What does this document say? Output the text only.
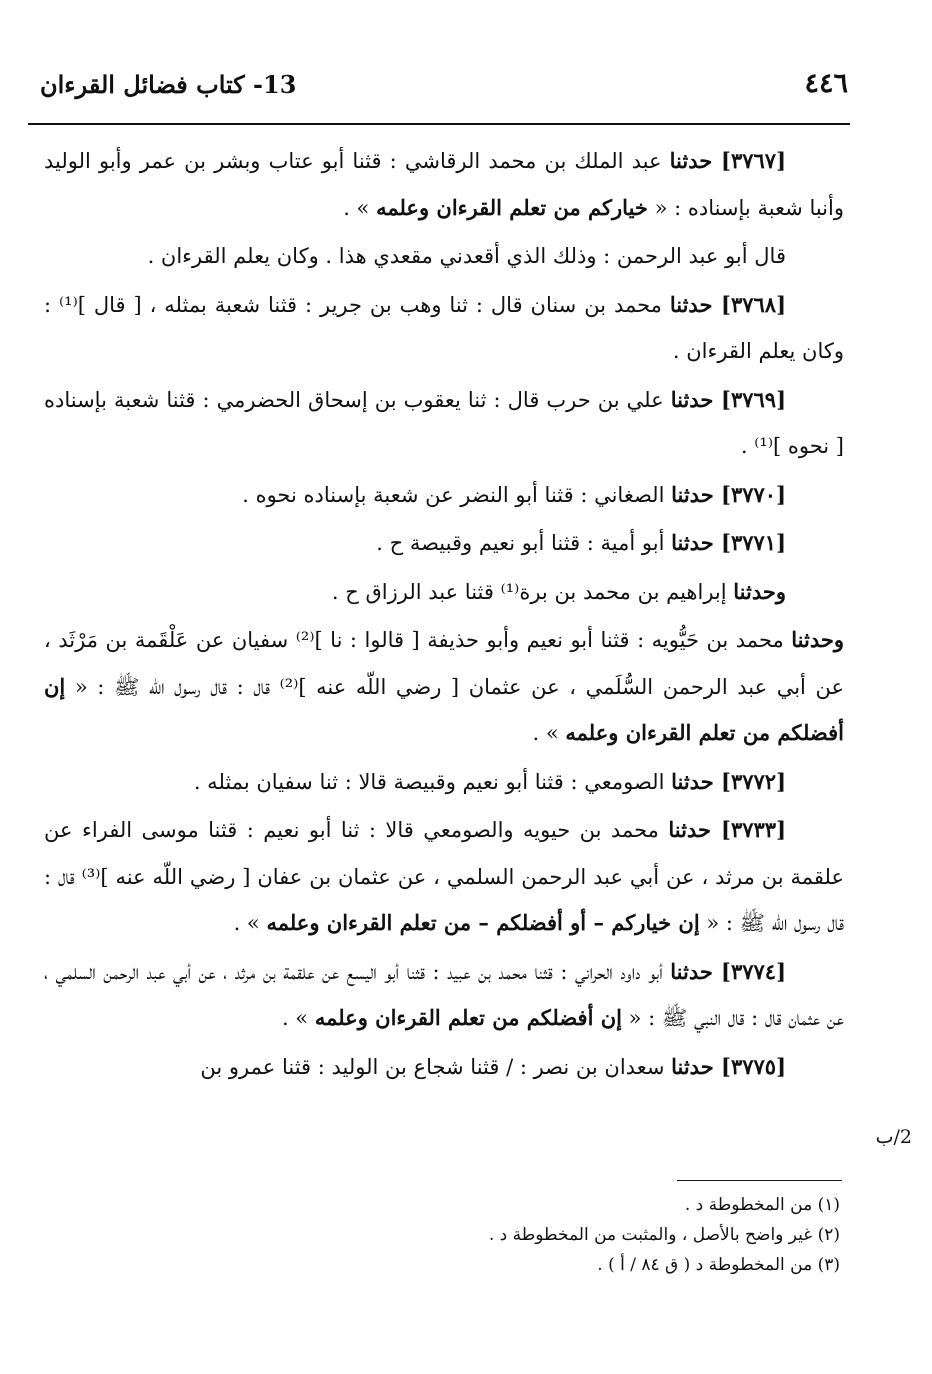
13- كتاب فضائل القرءان	٤٤٦

[٣٧٦٧] حدثنا عبد الملك بن محمد الرقاشي : قثنا أبو عتاب وبشر بن عمر وأبو الوليد وأنبا شعبة بإسناده : « خياركم من تعلم القرءان وعلمه » .

قال أبو عبد الرحمن : وذلك الذي أقعدني مقعدي هذا . وكان يعلم القرءان .

[٣٧٦٨] حدثنا محمد بن سنان قال : ثنا وهب بن جرير : قثنا شعبة بمثله ، [ قال ]⁽¹⁾ : وكان يعلم القرءان .

[٣٧٦٩] حدثنا علي بن حرب قال : ثنا يعقوب بن إسحاق الحضرمي : قثنا شعبة بإسناده [ نحوه ]⁽¹⁾ .

[٣٧٧٠] حدثنا الصغاني : قثنا أبو النضر عن شعبة بإسناده نحوه .

[٣٧٧١] حدثنا أبو أمية : قثنا أبو نعيم وقبيصة ح .

وحدثنا إبراهيم بن محمد بن برة⁽¹⁾ قثنا عبد الرزاق ح .

وحدثنا محمد بن حَيُّويه : قثنا أبو نعيم وأبو حذيفة [ قالوا : نا ]⁽²⁾ سفيان عن عَلْقَمة بن مَرْثَد ، عن أبي عبد الرحمن السُّلَمي ، عن عثمان [ رضي اللّه عنه ]⁽²⁾ قال : قال رسول اللّه ﷺ : « إن أفضلكم من تعلم القرءان وعلمه » .

[٣٧٧٢] حدثنا الصومعي : قثنا أبو نعيم وقبيصة قالا : ثنا سفيان بمثله .

[٣٧٣٣] حدثنا محمد بن حيويه والصومعي قالا : ثنا أبو نعيم : قثنا موسى الفراء عن علقمة بن مرثد ، عن أبي عبد الرحمن السلمي ، عن عثمان بن عفان [ رضي اللّه عنه ]⁽³⁾ قال : قال رسول اللّه ﷺ : « إن خياركم – أو أفضلكم – من تعلم القرءان وعلمه » .

[٣٧٧٤] حدثنا أبو داود الحراني : قثنا محمد بن عبيد : قثنا أبو اليسع عن علقمة بن مرثد ، عن أبي عبد الرحمن السلمي ، عن عثمان قال : قال النبي ﷺ : « إن أفضلكم من تعلم القرءان وعلمه » .

[٣٧٧٥] حدثنا سعدان بن نصر : / قثنا شجاع بن الوليد : قثنا عمرو بن

2/ب

(١) من المخطوطة د .

(٢) غير واضح بالأصل ، والمثبت من المخطوطة د .

(٣) من المخطوطة د ( ق ٨٤ / أ ) .
